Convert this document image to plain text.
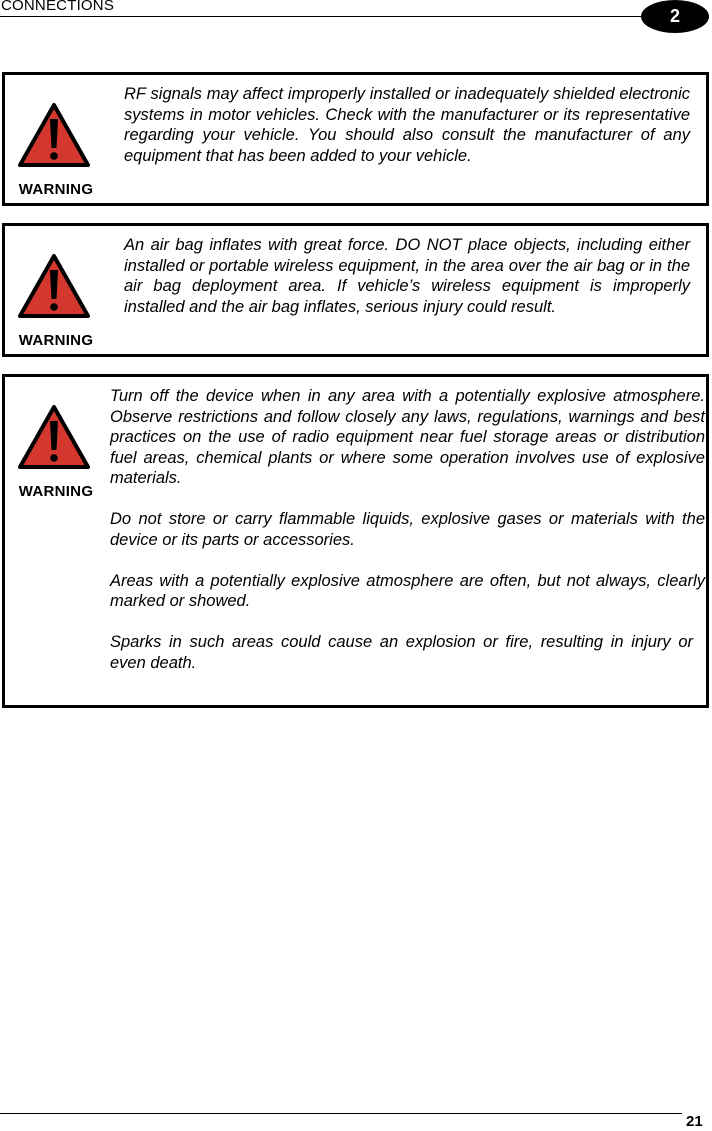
CONNECTIONS
2
WARNING

RF signals may affect improperly installed or inadequately shielded electronic systems in motor vehicles. Check with the manufacturer or its representative regarding your vehicle. You should also consult the manufacturer of any equipment that has been added to your vehicle.

WARNING

An air bag inflates with great force. DO NOT place objects, including either installed or portable wireless equipment, in the area over the air bag or in the air bag deployment area. If vehicle’s wireless equipment is improperly installed and the air bag inflates, serious injury could result.

WARNING

Turn off the device when in any area with a potentially explosive atmosphere. Observe restrictions and follow closely any laws, regulations, warnings and best practices on the use of radio equipment near fuel storage areas or distribution fuel areas, chemical plants or where some operation involves use of explosive materials.

Do not store or carry flammable liquids, explosive gases or materials with the device or its parts or accessories.

Areas with a potentially explosive atmosphere are often, but not always, clearly marked or showed.

Sparks in such areas could cause an explosion or fire, resulting in injury or even death.

21
